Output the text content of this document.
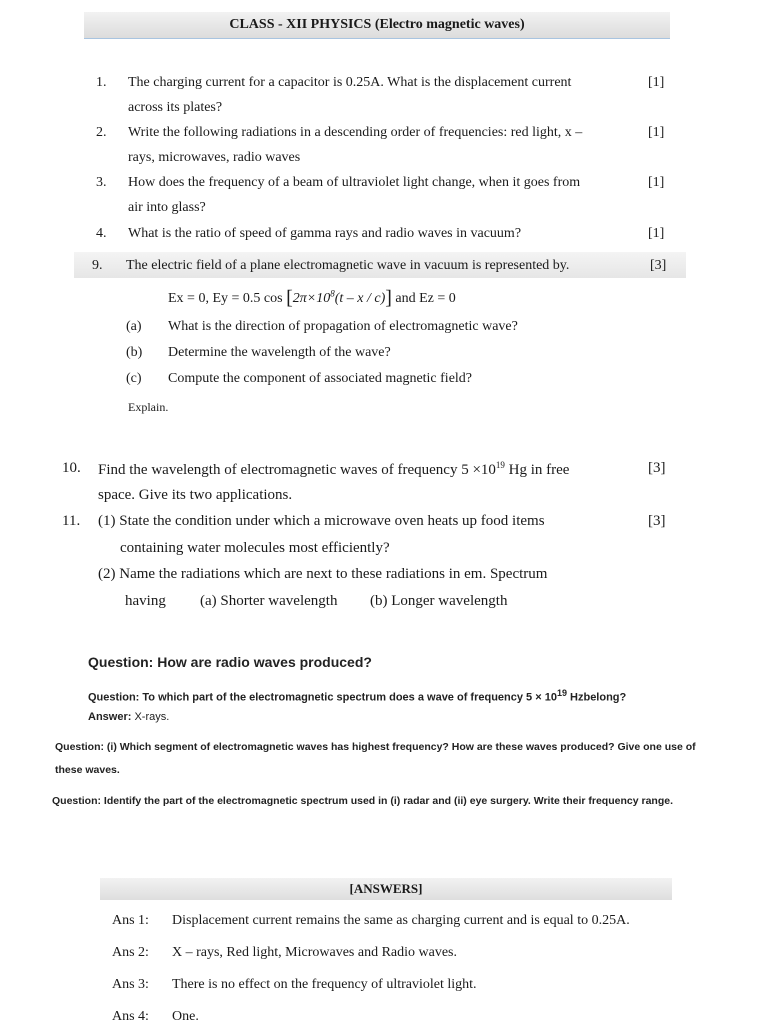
CLASS - XII PHYSICS (Electro magnetic waves)
1. The charging current for a capacitor is 0.25A. What is the displacement current
across its plates?
[1]
2. Write the following radiations in a descending order of frequencies: red light, x –
rays, microwaves, radio waves
[1]
3. How does the frequency of a beam of ultraviolet light change, when it goes from
air into glass?
[1]
4. What is the ratio of speed of gamma rays and radio waves in vacuum?	[1]
9. The electric field of a plane electromagnetic wave in vacuum is represented by.	[3]
Ex = 0, Ey = 0.5 $\cos [2\pi\times 10^8(t - x / c)]$ and Ez = 0
(a) What is the direction of propagation of electromagnetic wave?
(b) Determine the wavelength of the wave?
(c) Compute the component of associated magnetic field?
Explain.
10. Find the wavelength of electromagnetic waves of frequency $5 \times 10^{19}$ Hg in free
space. Give its two applications.
[3]
11. (1) State the condition under which a microwave oven heats up food items	[3]
containing water molecules most efficiently?
(2) Name the radiations which are next to these radiations in em. Spectrum
having (a) Shorter wavelength (b) Longer wavelength
Question: How are radio waves produced?
Question: To which part of the electromagnetic spectrum does a wave of frequency $5 \times 10^{19}$ Hzbelong?
Answer: X-rays.
Question: (i) Which segment of electromagnetic waves has highest frequency? How are these waves produced? Give one use of
these waves.
Question: Identify the part of the electromagnetic spectrum used in (i) radar and (ii) eye surgery. Write their frequency range.
[ANSWERS]
Ans 1: Displacement current remains the same as charging current and is equal to 0.25A.
Ans 2: X – rays, Red light, Microwaves and Radio waves.
Ans 3: There is no effect on the frequency of ultraviolet light.
Ans 4: One.
